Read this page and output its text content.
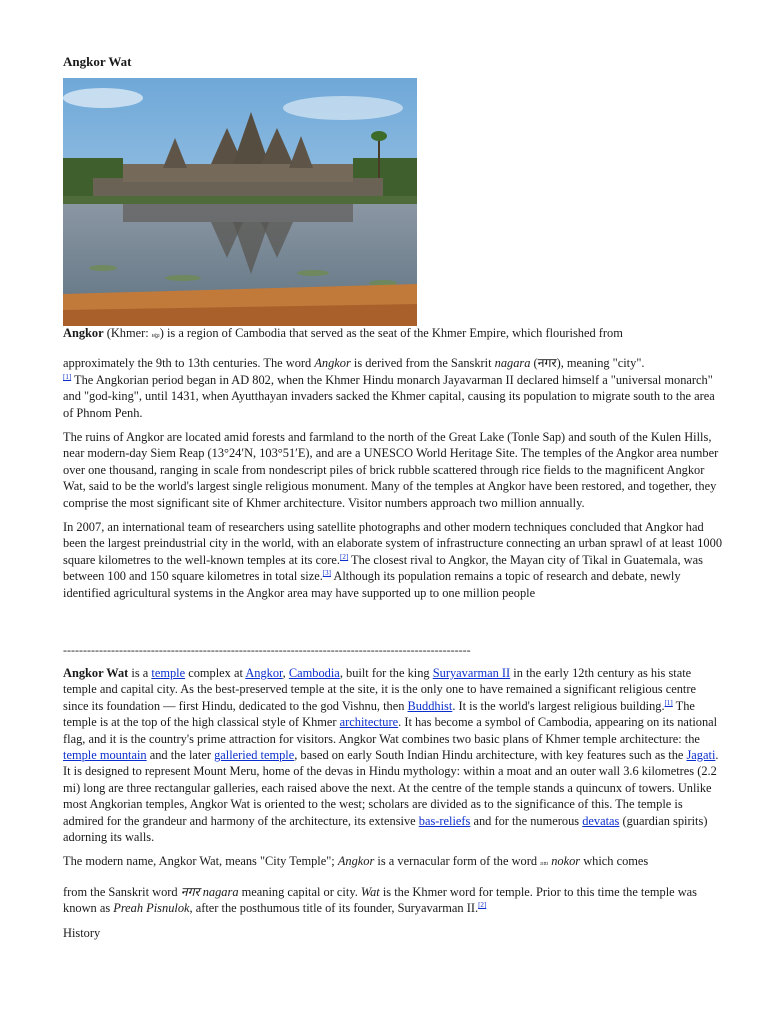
Angkor Wat

Angkor (Khmer: អង្គរ) is a region of Cambodia that served as the seat of the Khmer Empire, which flourished from

approximately the 9th to 13th centuries. The word Angkor is derived from the Sanskrit nagara (नगर), meaning "city".
[1] The Angkorian period began in AD 802, when the Khmer Hindu monarch Jayavarman II declared himself a "universal monarch" and "god-king", until 1431, when Ayutthayan invaders sacked the Khmer capital, causing its population to migrate south to the area of Phnom Penh.

The ruins of Angkor are located amid forests and farmland to the north of the Great Lake (Tonle Sap) and south of the Kulen Hills, near modern-day Siem Reap (13°24′N, 103°51′E), and are a UNESCO World Heritage Site. The temples of the Angkor area number over one thousand, ranging in scale from nondescript piles of brick rubble scattered through rice fields to the magnificent Angkor Wat, said to be the world's largest single religious monument. Many of the temples at Angkor have been restored, and together, they comprise the most significant site of Khmer architecture. Visitor numbers approach two million annually.

In 2007, an international team of researchers using satellite photographs and other modern techniques concluded that Angkor had been the largest preindustrial city in the world, with an elaborate system of infrastructure connecting an urban sprawl of at least 1000 square kilometres to the well-known temples at its core.[2] The closest rival to Angkor, the Mayan city of Tikal in Guatemala, was between 100 and 150 square kilometres in total size.[3] Although its population remains a topic of research and debate, newly identified agricultural systems in the Angkor area may have supported up to one million people

------------------------------------------------------------------------------------------------------

Angkor Wat is a temple complex at Angkor, Cambodia, built for the king Suryavarman II in the early 12th century as his state temple and capital city. As the best-preserved temple at the site, it is the only one to have remained a significant religious centre since its foundation — first Hindu, dedicated to the god Vishnu, then Buddhist. It is the world's largest religious building.[1] The temple is at the top of the high classical style of Khmer architecture. It has become a symbol of Cambodia, appearing on its national flag, and it is the country's prime attraction for visitors. Angkor Wat combines two basic plans of Khmer temple architecture: the temple mountain and the later galleried temple, based on early South Indian Hindu architecture, with key features such as the Jagati. It is designed to represent Mount Meru, home of the devas in Hindu mythology: within a moat and an outer wall 3.6 kilometres (2.2 mi) long are three rectangular galleries, each raised above the next. At the centre of the temple stands a quincunx of towers. Unlike most Angkorian temples, Angkor Wat is oriented to the west; scholars are divided as to the significance of this. The temple is admired for the grandeur and harmony of the architecture, its extensive bas-reliefs and for the numerous devatas (guardian spirits) adorning its walls.

The modern name, Angkor Wat, means "City Temple"; Angkor is a vernacular form of the word នគរ nokor which comes

from the Sanskrit word नगर nagara meaning capital or city. Wat is the Khmer word for temple. Prior to this time the temple was known as Preah Pisnulok, after the posthumous title of its founder, Suryavarman II.[2]

History
